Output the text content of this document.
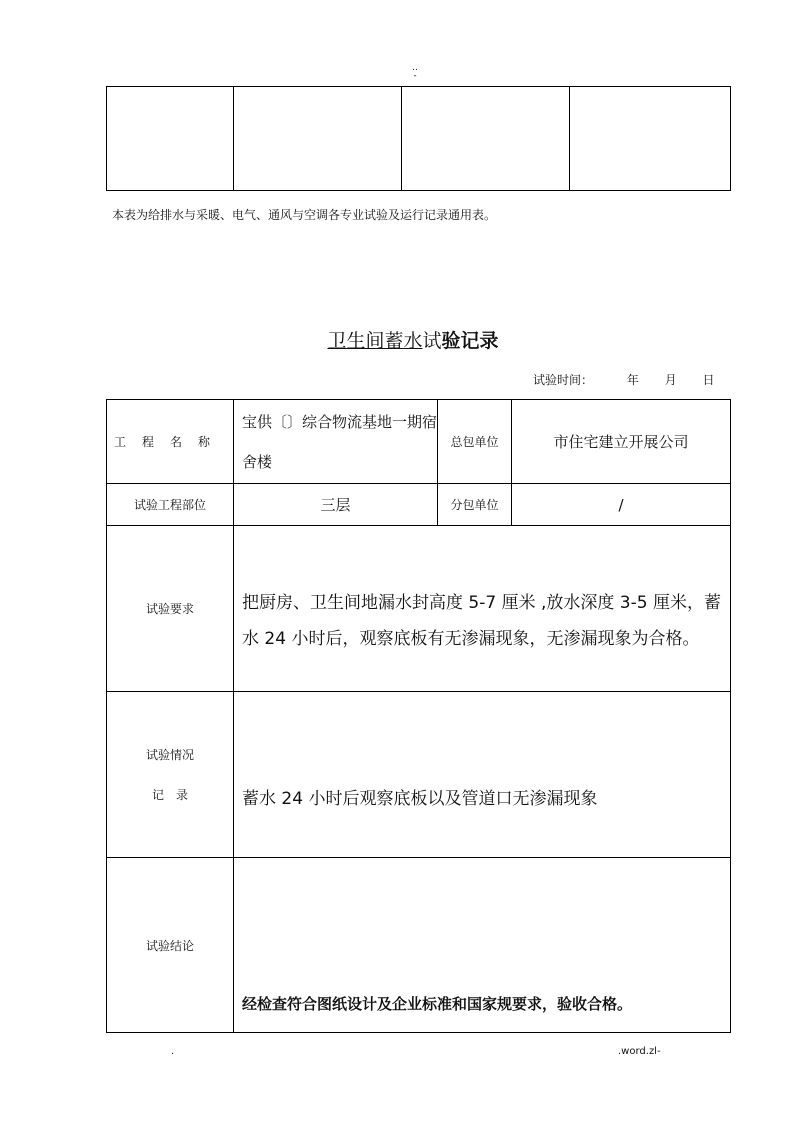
..
-

本表为给排水与采暖、电气、通风与空调各专业试验及运行记录通用表。
卫生间蓄水试验记录
试验时间：	年 月 日
工程名称	宝供〔〕综合物流基地一期宿舍楼	总包单位	市住宅建立开展公司
试验工程部位	三层	分包单位	/
试验要求	把厨房、卫生间地漏水封高度 5-7 厘米 ,放水深度 3-5 厘米，蓄水 24 小时后，观察底板有无渗漏现象，无渗漏现象为合格。		

试验情况
记　录	蓄水 24 小时后观察底板以及管道口无渗漏现象		
试验结论	经检查符合图纸设计及企业标准和国家规要求，验收合格。		
.	.word.zl-
